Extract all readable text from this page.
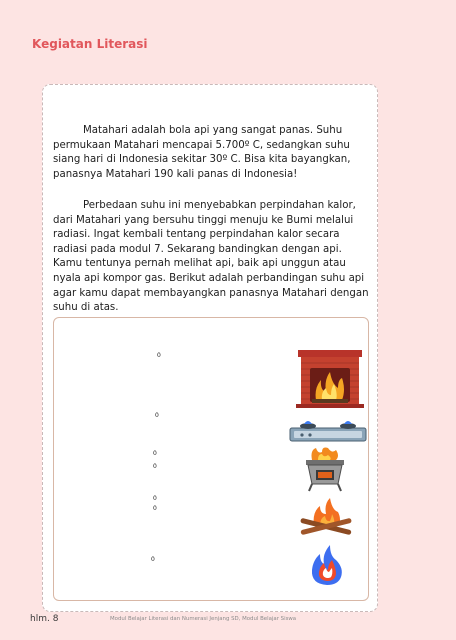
Kegiatan Literasi

Matahari adalah bola api yang sangat panas. Suhu permukaan Matahari mencapai 5.700º C, sedangkan suhu siang hari di Indonesia sekitar 30º C. Bisa kita bayangkan, panasnya Matahari 190 kali panas di Indonesia!

Perbedaan suhu ini menyebabkan perpindahan kalor, dari Matahari yang bersuhu tinggi menuju ke Bumi melalui radiasi. Ingat kembali tentang perpindahan kalor secara radiasi pada modul 7. Sekarang bandingkan dengan api. Kamu tentunya pernah melihat api, baik api unggun atau nyala api kompor gas. Berikut adalah perbandingan suhu api agar kamu dapat membayangkan panasnya Matahari dengan suhu di atas.

0
0
0
0
0
0
0
hlm. 8	Modul Belajar Literasi dan Numerasi Jenjang SD, Modul Belajar Siswa
